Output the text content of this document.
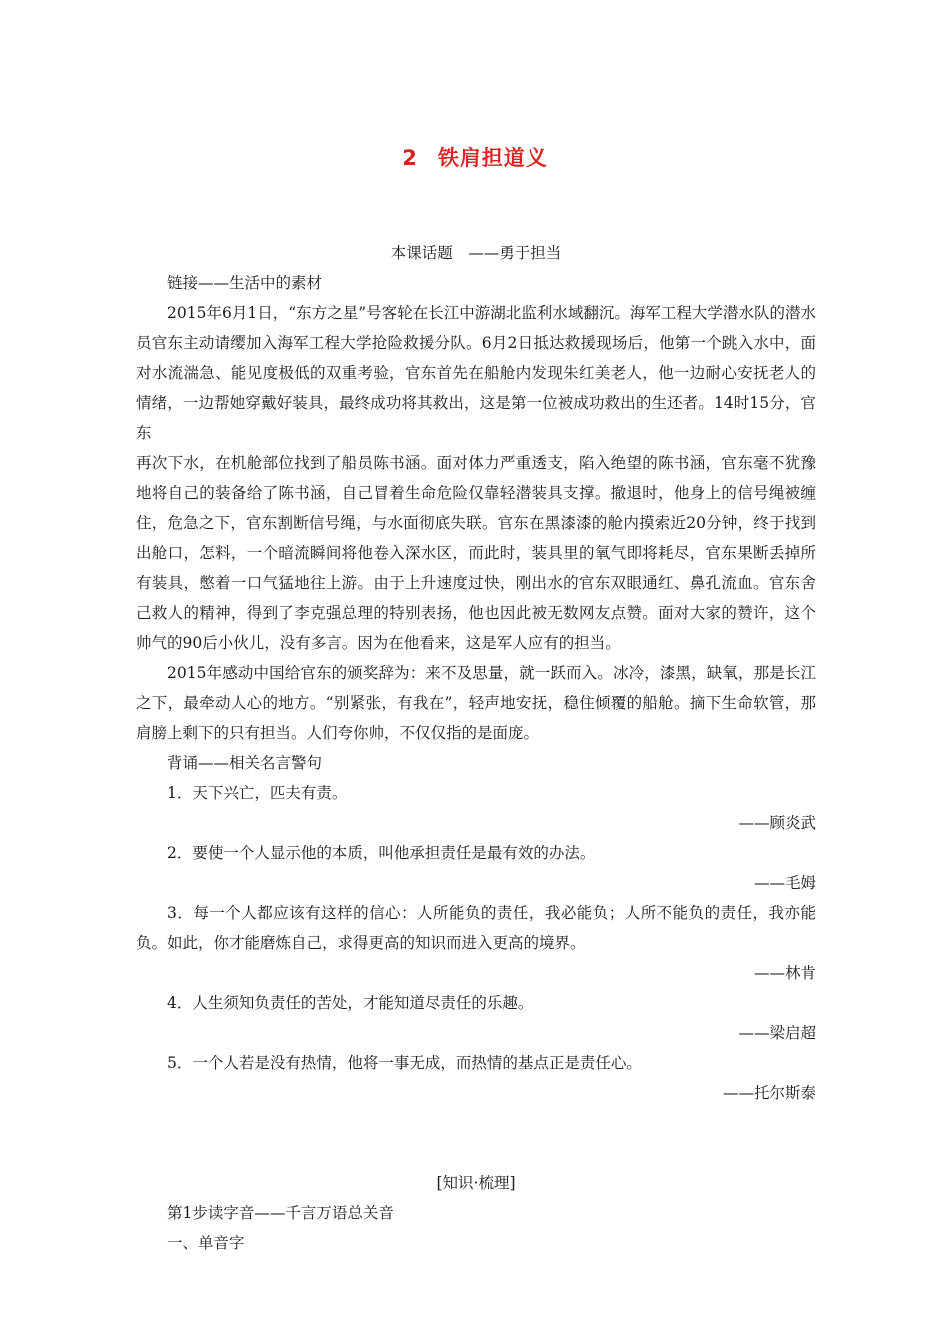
2 铁肩担道义

本课话题　——勇于担当

链接——生活中的素材

2015年6月1日，“东方之星”号客轮在长江中游湖北监利水域翻沉。海军工程大学潜水队的潜水员官东主动请缨加入海军工程大学抢险救援分队。6月2日抵达救援现场后，他第一个跳入水中，面对水流湍急、能见度极低的双重考验，官东首先在船舱内发现朱红美老人，他一边耐心安抚老人的情绪，一边帮她穿戴好装具，最终成功将其救出，这是第一位被成功救出的生还者。14时15分，官东

再次下水，在机舱部位找到了船员陈书涵。面对体力严重透支，陷入绝望的陈书涵，官东毫不犹豫地将自己的装备给了陈书涵，自己冒着生命危险仅靠轻潜装具支撑。撤退时，他身上的信号绳被缠住，危急之下，官东割断信号绳，与水面彻底失联。官东在黑漆漆的舱内摸索近20分钟，终于找到出舱口，怎料，一个暗流瞬间将他卷入深水区，而此时，装具里的氧气即将耗尽，官东果断丢掉所有装具，憋着一口气猛地往上游。由于上升速度过快，刚出水的官东双眼通红、鼻孔流血。官东舍己救人的精神，得到了李克强总理的特别表扬，他也因此被无数网友点赞。面对大家的赞许，这个帅气的90后小伙儿，没有多言。因为在他看来，这是军人应有的担当。

2015年感动中国给官东的颁奖辞为：来不及思量，就一跃而入。冰冷，漆黑，缺氧，那是长江之下，最牵动人心的地方。“别紧张，有我在”，轻声地安抚，稳住倾覆的船舱。摘下生命软管，那肩膀上剩下的只有担当。人们夸你帅，不仅仅指的是面庞。

背诵——相关名言警句

1．天下兴亡，匹夫有责。

——顾炎武

2．要使一个人显示他的本质，叫他承担责任是最有效的办法。

——毛姆

3．每一个人都应该有这样的信心：人所能负的责任，我必能负；人所不能负的责任，我亦能负。如此，你才能磨炼自己，求得更高的知识而进入更高的境界。

——林肯

4．人生须知负责任的苦处，才能知道尽责任的乐趣。

——梁启超

5．一个人若是没有热情，他将一事无成，而热情的基点正是责任心。

——托尔斯泰

[知识·梳理]

第1步读字音——千言万语总关音

一、单音字
